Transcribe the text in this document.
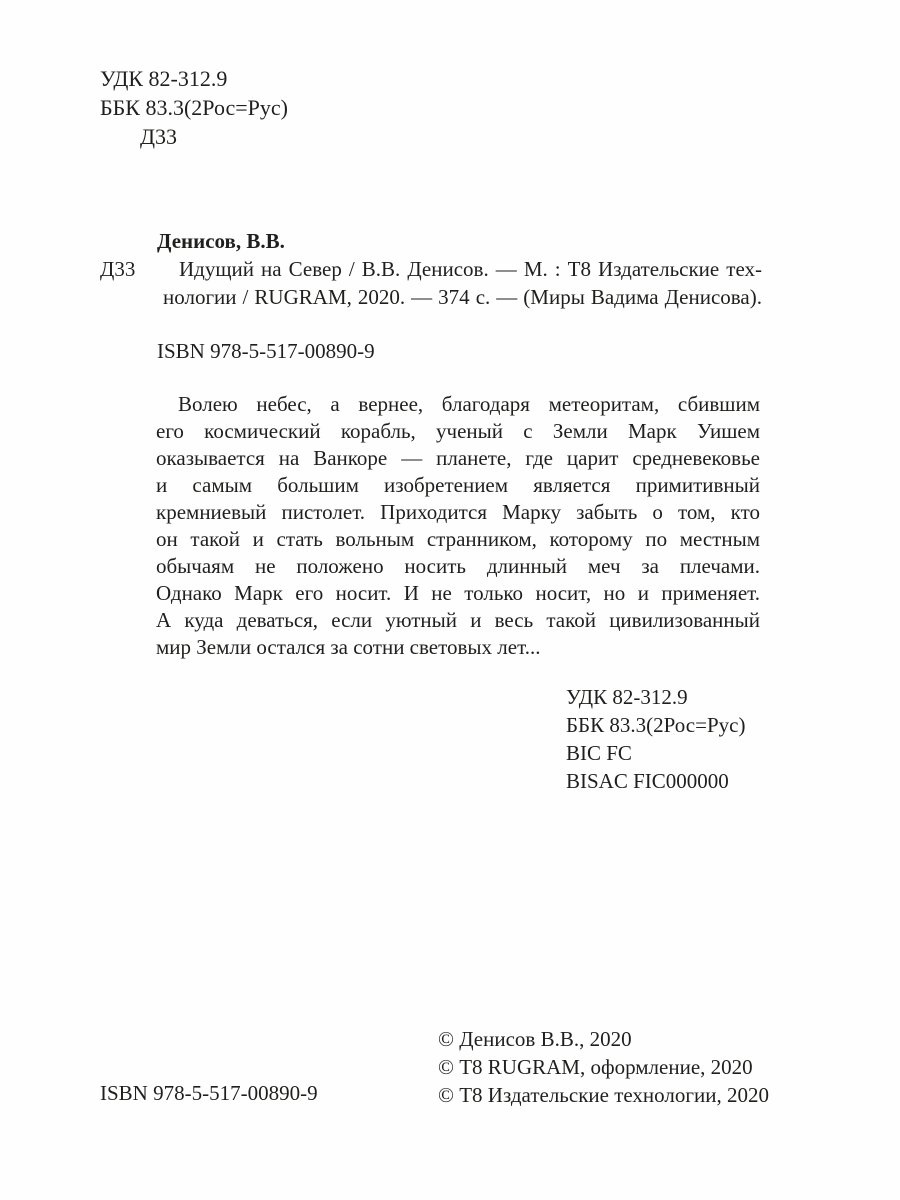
УДК 82-312.9
ББК 83.3(2Рос=Рус)
Д33
Денисов, В.В.
Д33	Идущий на Север / В.В. Денисов. — М. : Т8 Издательские тех-
нологии / RUGRAM, 2020. — 374 с. — (Миры Вадима Денисова).
ISBN 978-5-517-00890-9
Волею небес, а вернее, благодаря метеоритам, сбившим
его космический корабль, ученый с Земли Марк Уишем
оказывается на Ванкоре — планете, где царит средневековье
и самым большим изобретением является примитивный
кремниевый пистолет. Приходится Марку забыть о том, кто
он такой и стать вольным странником, которому по местным
обычаям не положено носить длинный меч за плечами.
Однако Марк его носит. И не только носит, но и применяет.
А куда деваться, если уютный и весь такой цивилизованный
мир Земли остался за сотни световых лет...
УДК 82-312.9
ББК 83.3(2Рос=Рус)
BIC FC
BISAC FIC000000
© Денисов В.В., 2020
© Т8 RUGRAM, оформление, 2020
© Т8 Издательские технологии, 2020
ISBN 978-5-517-00890-9
